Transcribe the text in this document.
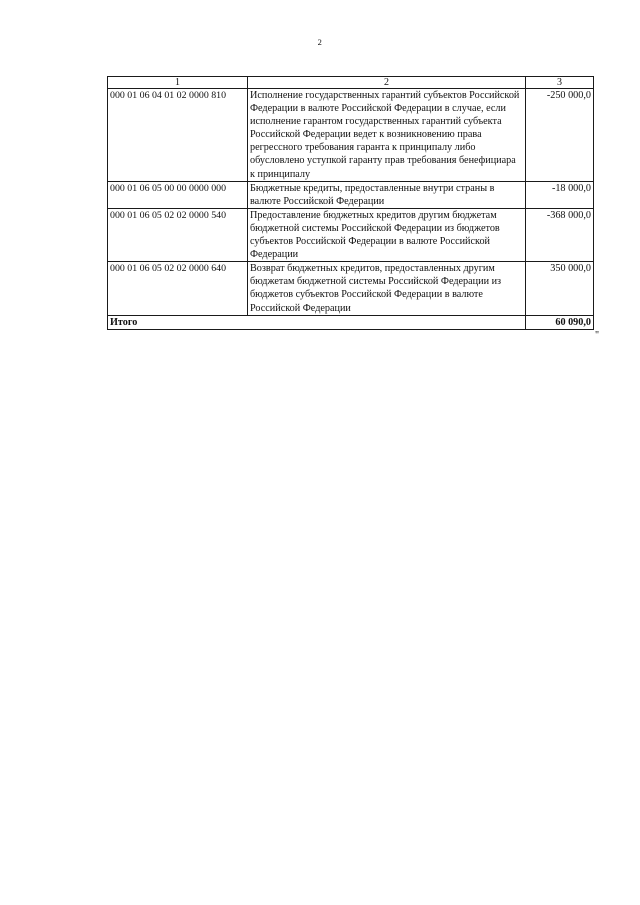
2
1	2	3
000 01 06 04 01 02 0000 810	Исполнение государственных гарантий субъектов Российской Федерации в валюте Российской Федерации в случае, если исполнение гарантом государственных гарантий субъекта Российской Федерации ведет к возникновению права регрессного требования гаранта к принципалу либо обусловлено уступкой гаранту прав требования бенефициара к принципалу	-250 000,0
000 01 06 05 00 00 0000 000	Бюджетные кредиты, предоставленные внутри страны в валюте Российской Федерации	-18 000,0
000 01 06 05 02 02 0000 540	Предоставление бюджетных кредитов другим бюджетам бюджетной системы Российской Федерации из бюджетов субъектов Российской Федерации в валюте Российской Федерации	-368 000,0
000 01 06 05 02 02 0000 640	Возврат бюджетных кредитов, предоставленных другим бюджетам бюджетной системы Российской Федерации из бюджетов субъектов Российской Федерации в валюте Российской Федерации	350 000,0
Итого		60 090,0
"
